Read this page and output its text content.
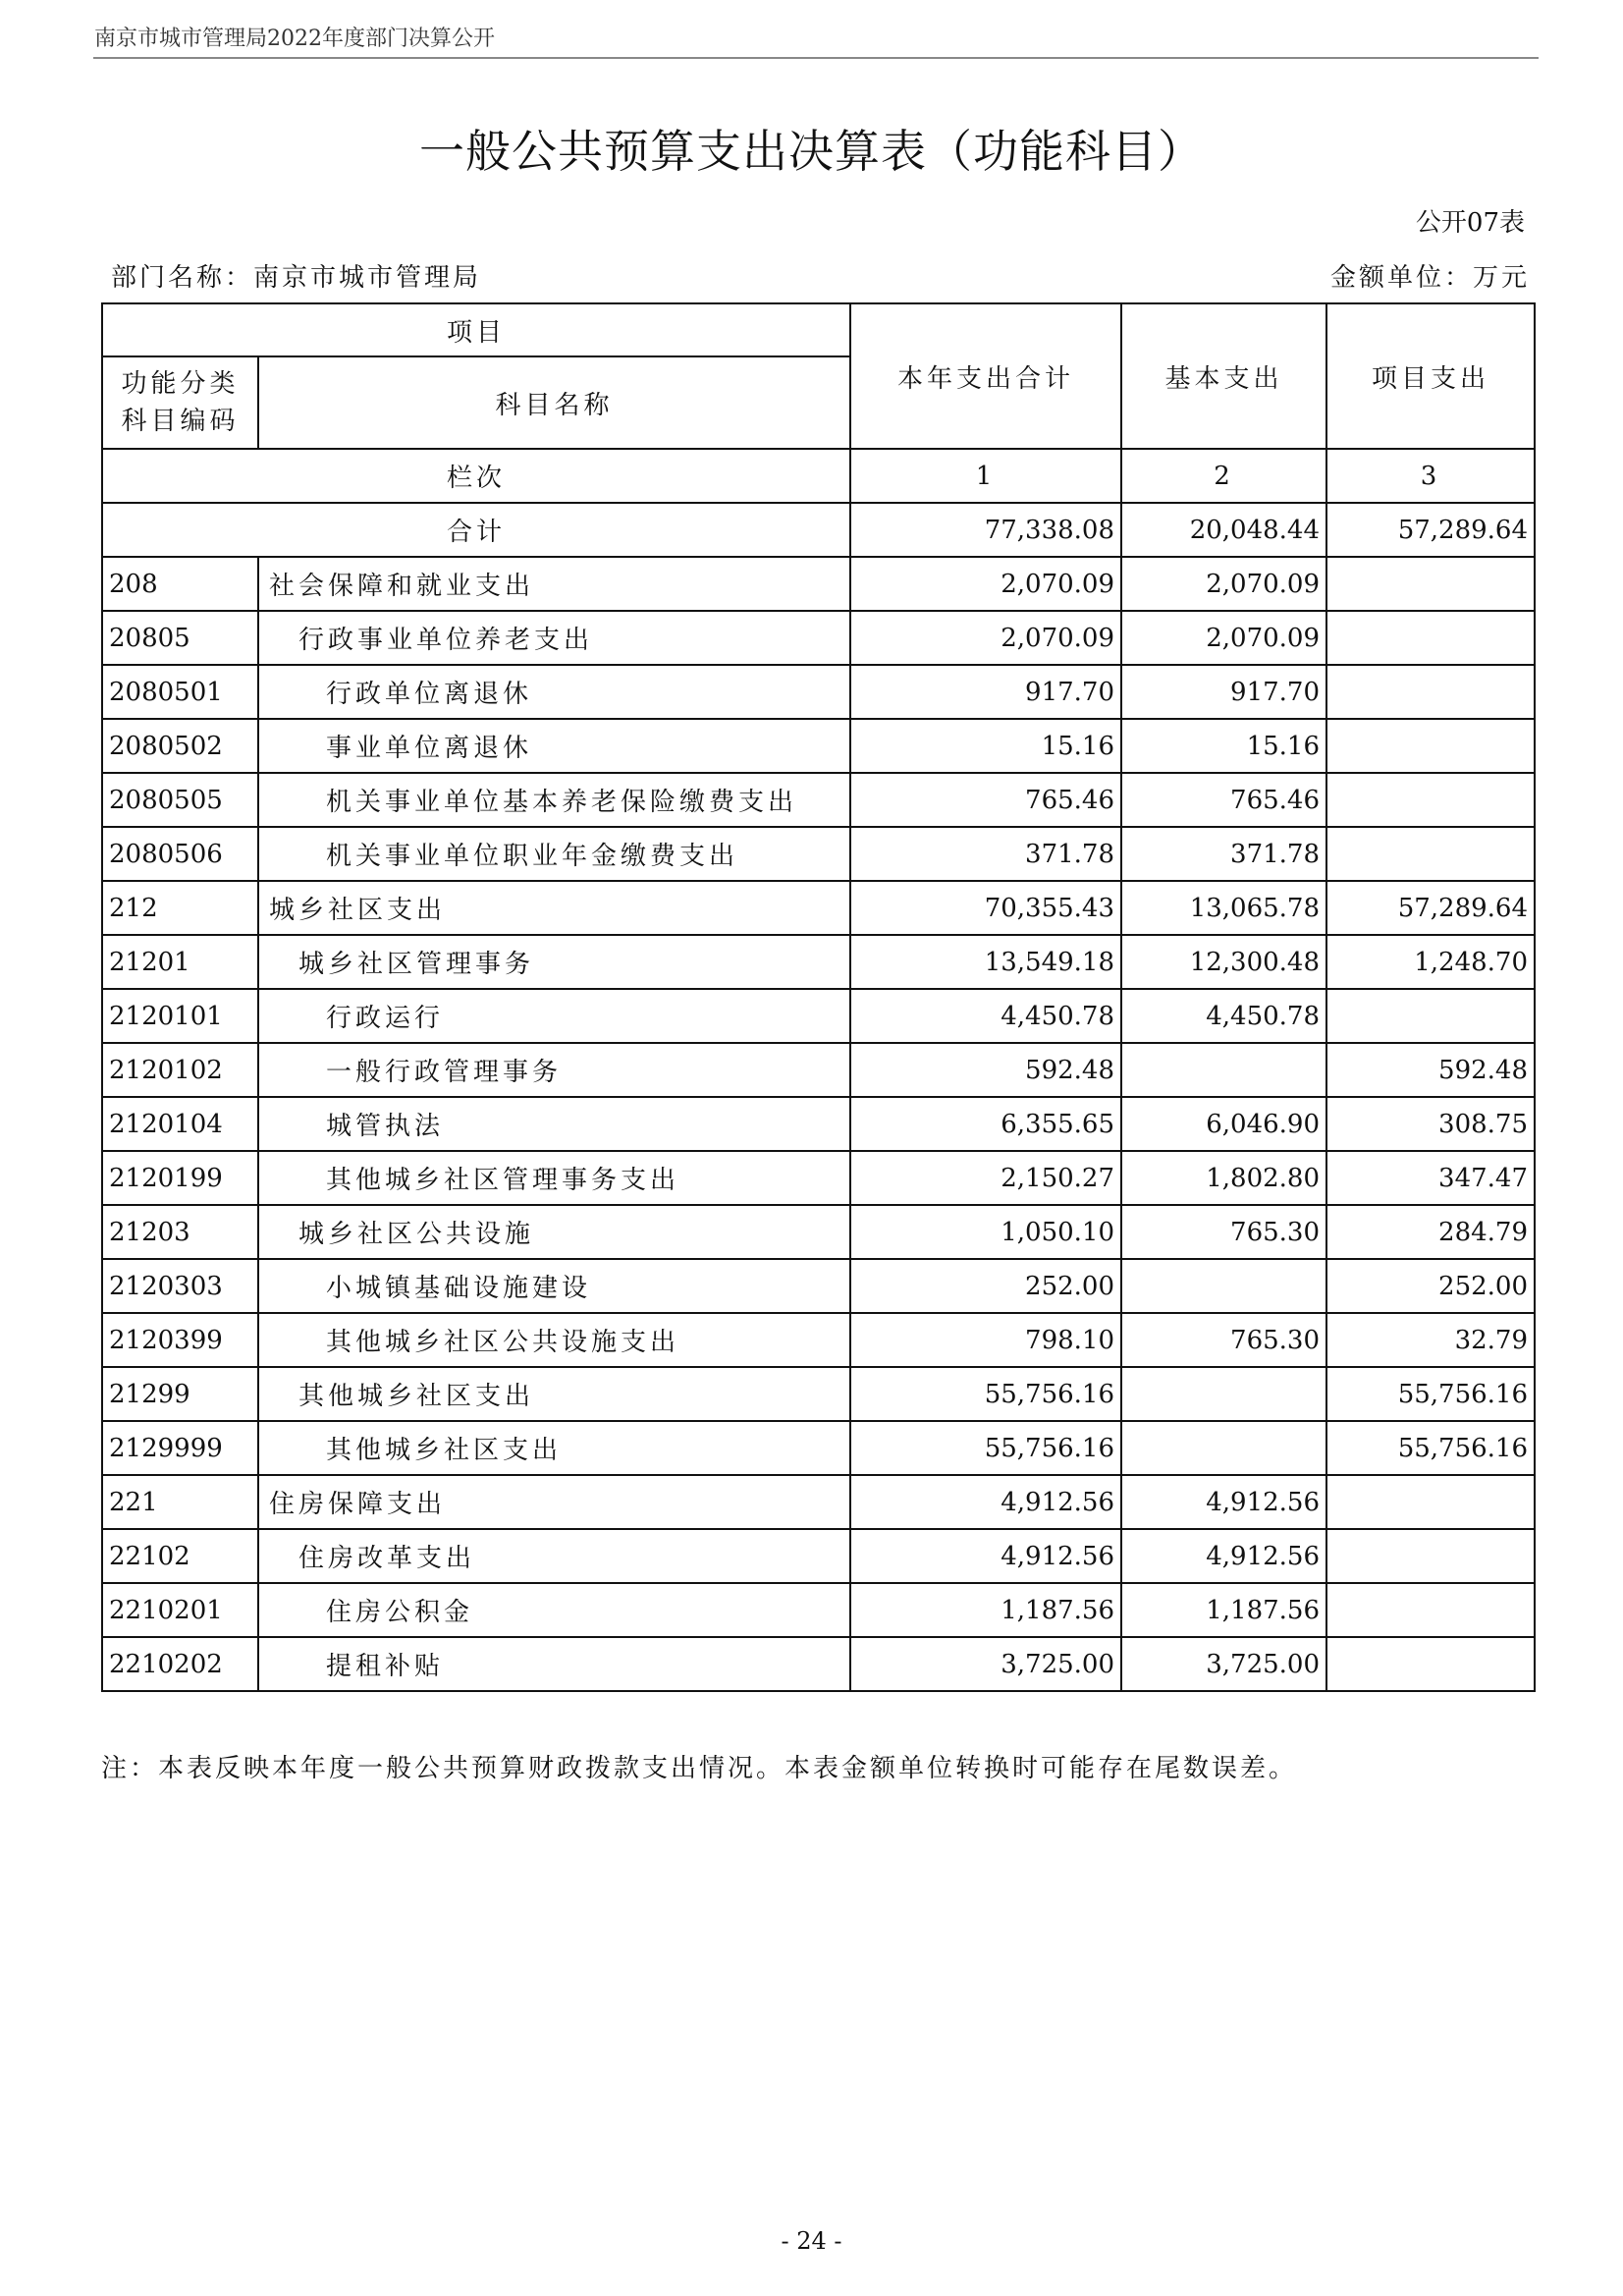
南京市城市管理局2022年度部门决算公开
一般公共预算支出决算表（功能科目）
公开07表
部门名称：南京市城市管理局	金额单位：万元
项目		本年支出合计	基本支出	项目支出
功能分类科目编码	科目名称			
栏次		1	2	3
合计		77,338.08	20,048.44	57,289.64
208	社会保障和就业支出	2,070.09	2,070.09	
20805	行政事业单位养老支出	2,070.09	2,070.09	
2080501	行政单位离退休	917.70	917.70	
2080502	事业单位离退休	15.16	15.16	
2080505	机关事业单位基本养老保险缴费支出	765.46	765.46	
2080506	机关事业单位职业年金缴费支出	371.78	371.78	
212	城乡社区支出	70,355.43	13,065.78	57,289.64
21201	城乡社区管理事务	13,549.18	12,300.48	1,248.70
2120101	行政运行	4,450.78	4,450.78	
2120102	一般行政管理事务	592.48		592.48
2120104	城管执法	6,355.65	6,046.90	308.75
2120199	其他城乡社区管理事务支出	2,150.27	1,802.80	347.47
21203	城乡社区公共设施	1,050.10	765.30	284.79
2120303	小城镇基础设施建设	252.00		252.00
2120399	其他城乡社区公共设施支出	798.10	765.30	32.79
21299	其他城乡社区支出	55,756.16		55,756.16
2129999	其他城乡社区支出	55,756.16		55,756.16
221	住房保障支出	4,912.56	4,912.56	
22102	住房改革支出	4,912.56	4,912.56	
2210201	住房公积金	1,187.56	1,187.56	
2210202	提租补贴	3,725.00	3,725.00	
注：本表反映本年度一般公共预算财政拨款支出情况。本表金额单位转换时可能存在尾数误差。
- 24 -
